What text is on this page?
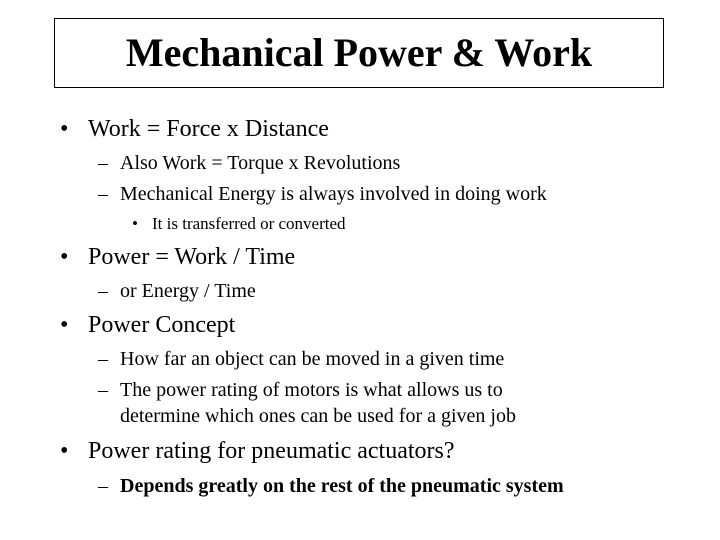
Mechanical Power & Work
• Work = Force x Distance
– Also Work = Torque x Revolutions
– Mechanical Energy is always involved in doing work
• It is transferred or converted
• Power = Work / Time
– or Energy / Time
• Power Concept
– How far an object can be moved in a given time
– The power rating of motors is what allows us to
determine which ones can be used for a given job
• Power rating for pneumatic actuators?
– Depends greatly on the rest of the pneumatic system
